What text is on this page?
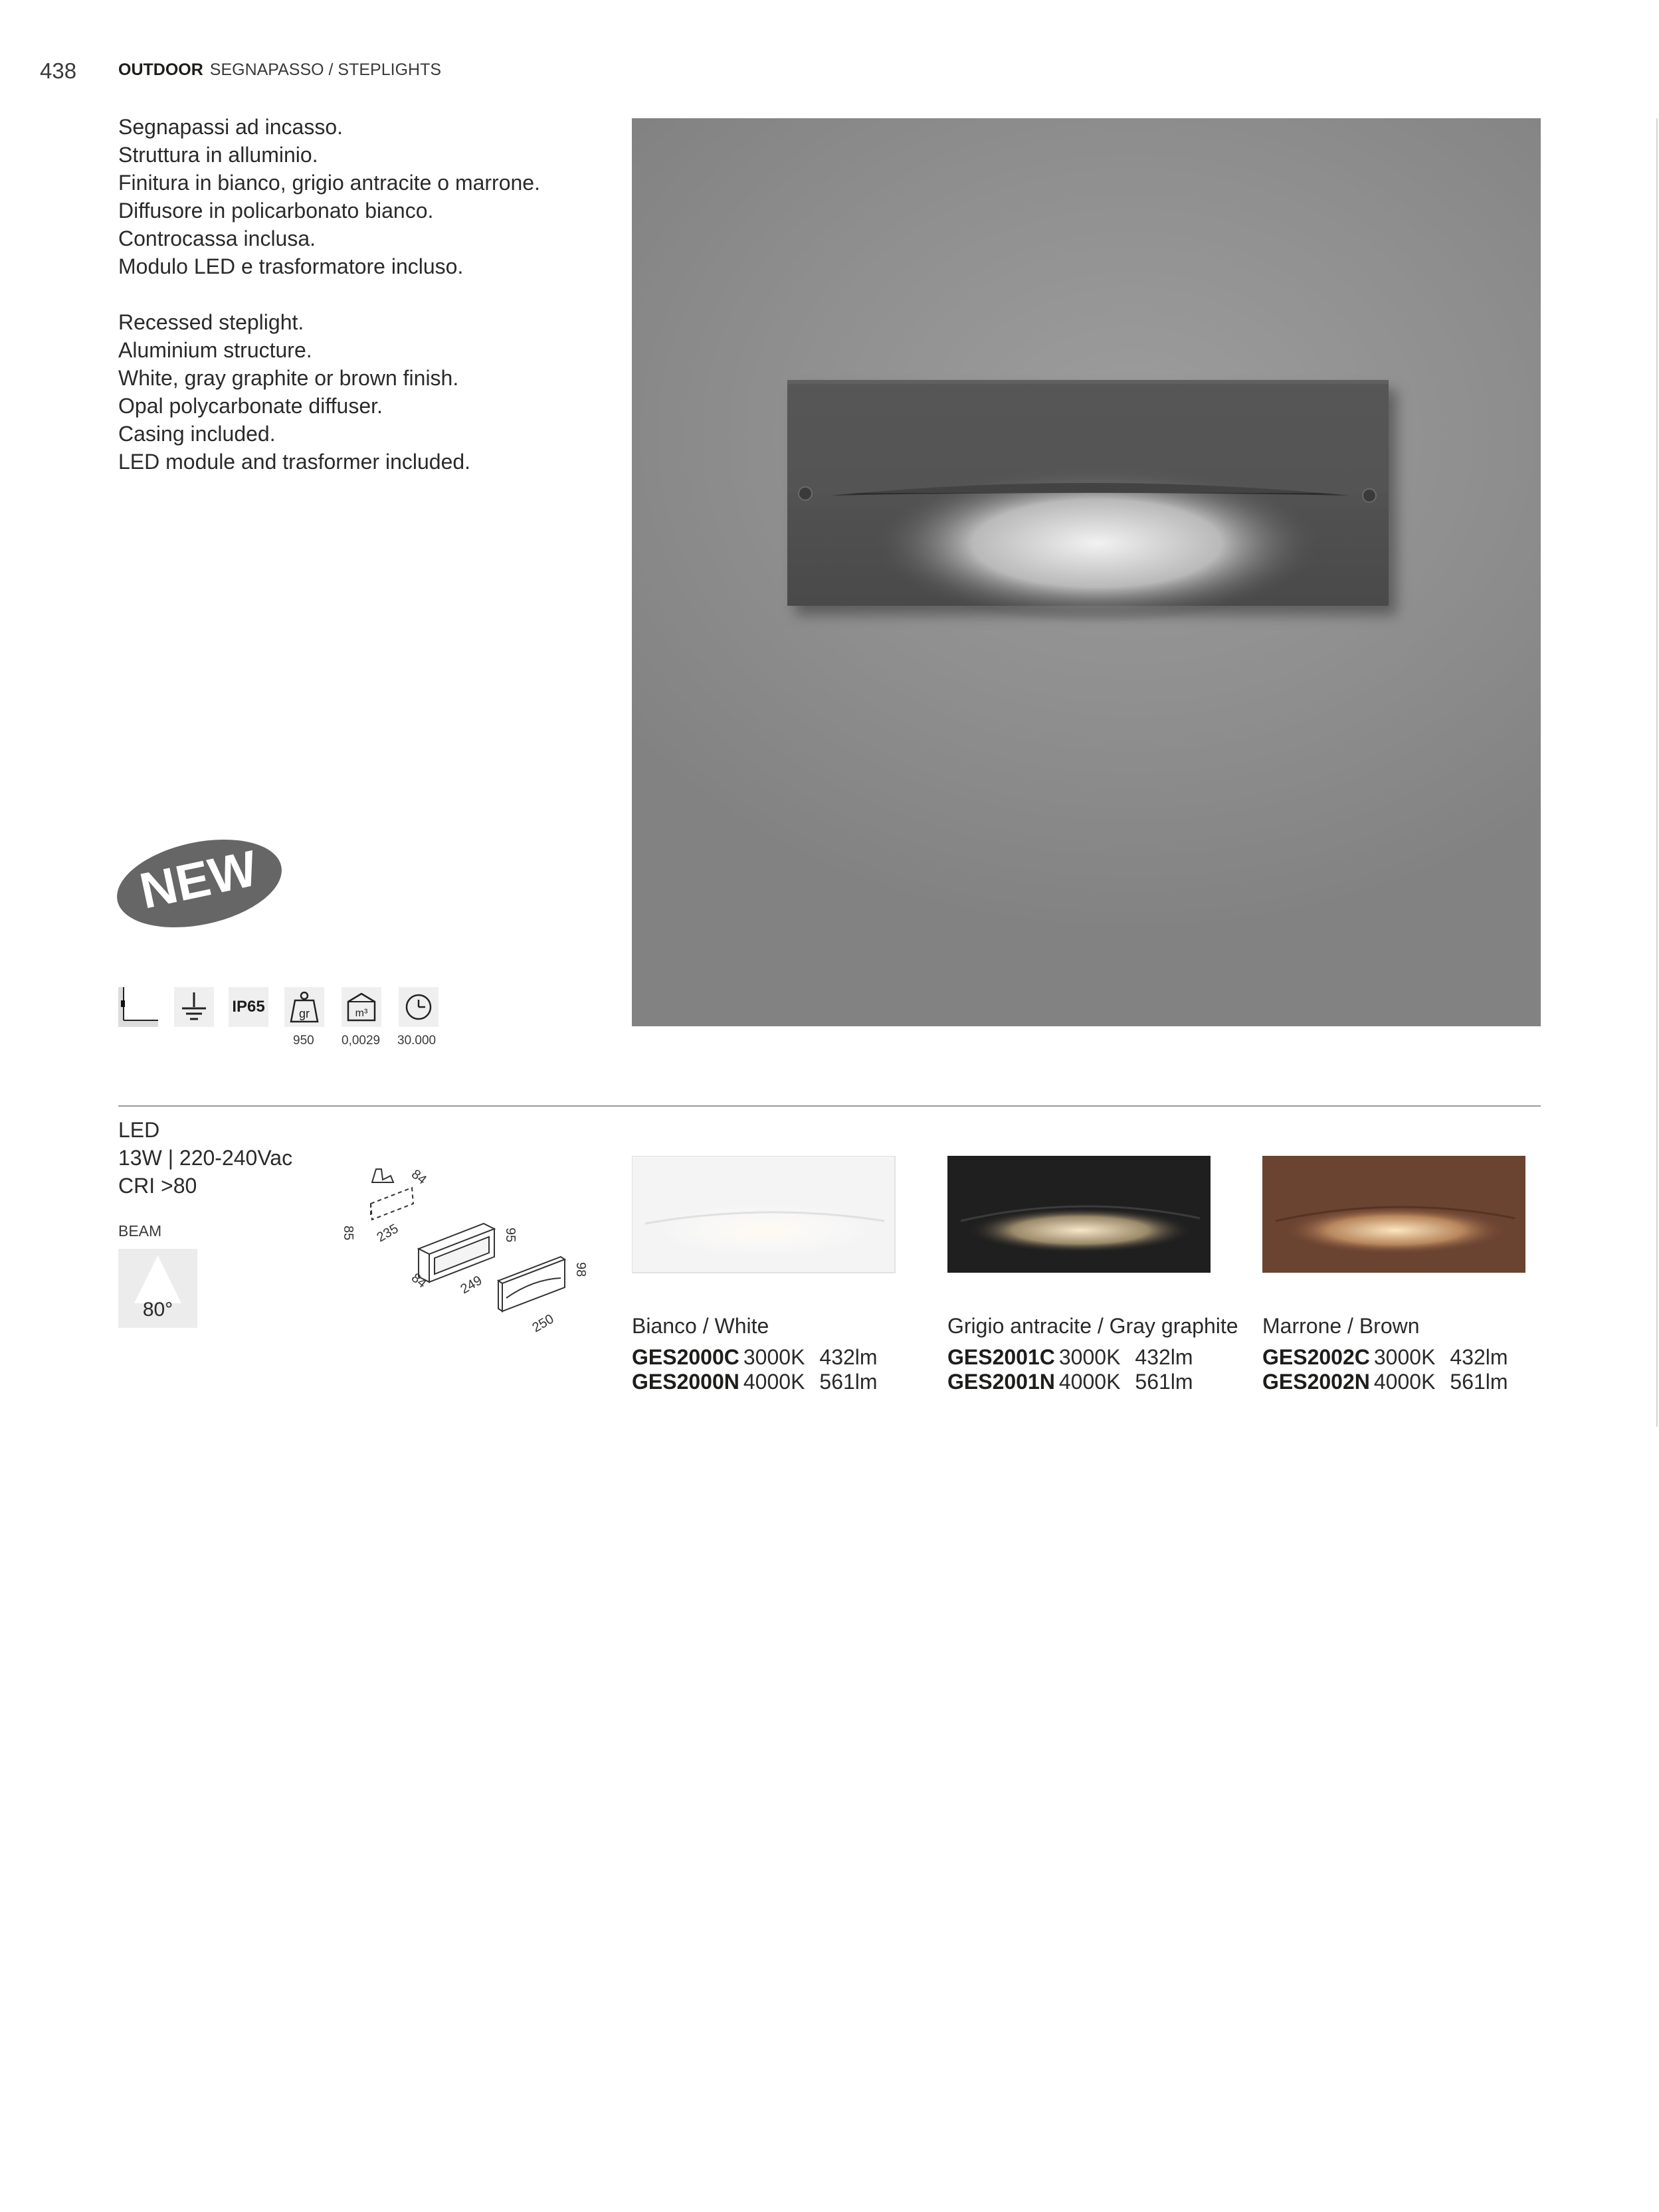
438	OUTDOOR SEGNAPASSO / STEPLIGHTS
Segnapassi ad incasso.
Struttura in alluminio.
Finitura in bianco, grigio antracite o marrone.
Diffusore in policarbonato bianco.
Controcassa inclusa.
Modulo LED e trasformatore incluso.
Recessed steplight.
Aluminium structure.
White, gray graphite or brown finish.
Opal polycarbonate diffuser.
Casing included.
LED module and trasformer included.
NEW
IP65	gr	m³
950 0,0029 30.000
LED
13W | 220-240Vac
CRI >80
BEAM
80°
84
85 235	95
84 249
98
250	Bianco / White
GES2000C 3000K 432lm
GES2000N 4000K 561lm
Grigio antracite / Gray graphite
GES2001C 3000K 432lm
GES2001N 4000K 561lm
Marrone / Brown
GES2002C 3000K 432lm
GES2002N 4000K 561lm
